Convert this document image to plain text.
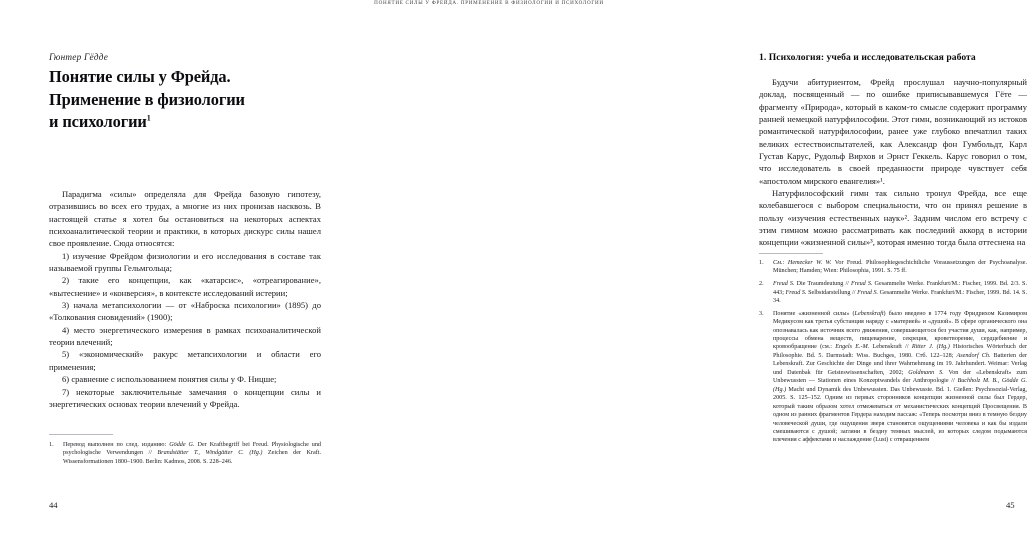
Гюнтер Гёдде
Понятие силы у Фрейда.
Применение в физиологии
и психологии$^1$

Парадигма «силы» определяла для Фрейда базовую гипотезу, отразившись во всех его трудах, а многие из них пронизав насквозь. В настоящей статье я хотел бы остановиться на некоторых аспектах психоаналитической теории и практики, в которых дискурс силы нашел свое проявление. Сюда относятся:

1) изучение Фрейдом физиологии и его исследования в составе так называемой группы Гельмгольца;

2) такие его концепции, как «катарсис», «отреагирование», «вытеснение» и «конверсия», в контексте исследований истерии;

3) начала метапсихологии — от «Наброска психологии» (1895) до «Толкования сновидений» (1900);

4) место энергетического измерения в рамках психоаналитической теории влечений;

5) «экономический» ракурс метапсихологии и области его применения;

6) сравнение с использованием понятия силы у Ф. Ницше;

7) некоторые заключительные замечания о концепции силы и энергетических основах теории влечений у Фрейда.

1.	Перевод выполнен по след. изданию: Gödde G. Der Kraftbegriff bei Freud. Physiologische und psychologische Verwendungen // Brandstätter T., Windgätter C. (Hg.) Zeichen der Kraft. Wissensformationen 1800–1900. Berlin: Kadmos, 2008. S. 228–246.
44
ПОНЯТИЕ СИЛЫ У ФРЕЙДА. ПРИМЕНЕНИЕ В ФИЗИОЛОГИИ И ПСИХОЛОГИИ
1. Психология: учеба и исследовательская работа

Будучи абитуриентом, Фрейд прослушал научно-популярный доклад, посвященный — по ошибке приписывавшемуся Гёте — фрагменту «Природа», который в каком-то смысле содержит программу ранней немецкой натурфилософии. Этот гимн, возникающий из истоков романтической натурфилософии, ранее уже глубоко впечатлил таких великих естествоиспытателей, как Александр фон Гумбольдт, Карл Густав Карус, Рудольф Вирхов и Эрнст Геккель. Карус говорил о том, что исследователь в своей преданности природе чувствует себя «апостолом мирского евангелия»¹.

Натурфилософский гимн так сильно тронул Фрейда, все еще колебавшегося с выбором специальности, что он принял решение в пользу «изучения естественных наук»². Задним числом его встречу с этим гимном можно рассматривать как последний аккорд в истории концепции «жизненной силы»³, которая именно тогда была оттеснена на

1.	См.: Hemecker W. W. Vor Freud. Philosophiegeschichtliche Voraussetzungen der Psychoanalyse. München; Hamden; Wien: Philosophia, 1991. S. 75 ff.
2.	Freud S. Die Traumdeutung // Freud S. Gesammelte Werke. Frankfurt/M.: Fischer, 1999. Bd. 2/3. S. 443; Freud S. Selbstdarstellung // Freud S. Gesammelte Werke. Frankfurt/M.: Fischer, 1999. Bd. 14. S. 34.
3.	Понятие «жизненной силы» (Lebenskraft) было введено в 1774 году Фридрихом Казимиром Медикусом как третья субстанция наряду с «материей» и «душой». В сфере органического она опознавалась как источник всего движения, совершающегося без участия души, как, например, процессы обмена веществ, пищеварение, секреция, кроветворение, сердцебиение и кровообращение (см.: Engels E.-M. Lebenskraft // Ritter J. (Hg.) Historisches Wörterbuch der Philosophie. Bd. 5. Darmstadt: Wiss. Buchges, 1980. Стб. 122–128; Asendorf Ch. Batterien der Lebenskraft. Zur Geschichte der Dinge und ihrer Wahrnehmung im 19. Jahrhundert. Weimar: Verlag und Datenbak für Geisteswissenschaften, 2002; Goldmann S. Von der «Lebenskraft» zum Unbewussten — Stationen eines Konzeptwandels der Anthropologie // Buchholz M. B., Gödde G. (Hg.) Macht und Dynamik des Unbewussten. Das Unbewusste. Bd. 1. Gießen: Psychosozial-Verlag, 2005. S. 125–152. Одним из первых сторонников концепции жизненной силы был Гердер, который таким образом хотел отмежеваться от механистических концепций Просвещения. В одном из ранних фрагментов Гердера находим пассаж: «Теперь посмотри вниз в темную бездну человеческой души, где ощущения зверя становятся ощущениями человека и как бы издали смешиваются с душой; загляни в бездну темных мыслей, из которых следом подымаются влечения с аффектами и наслаждение (Lust) с отвращением
45
